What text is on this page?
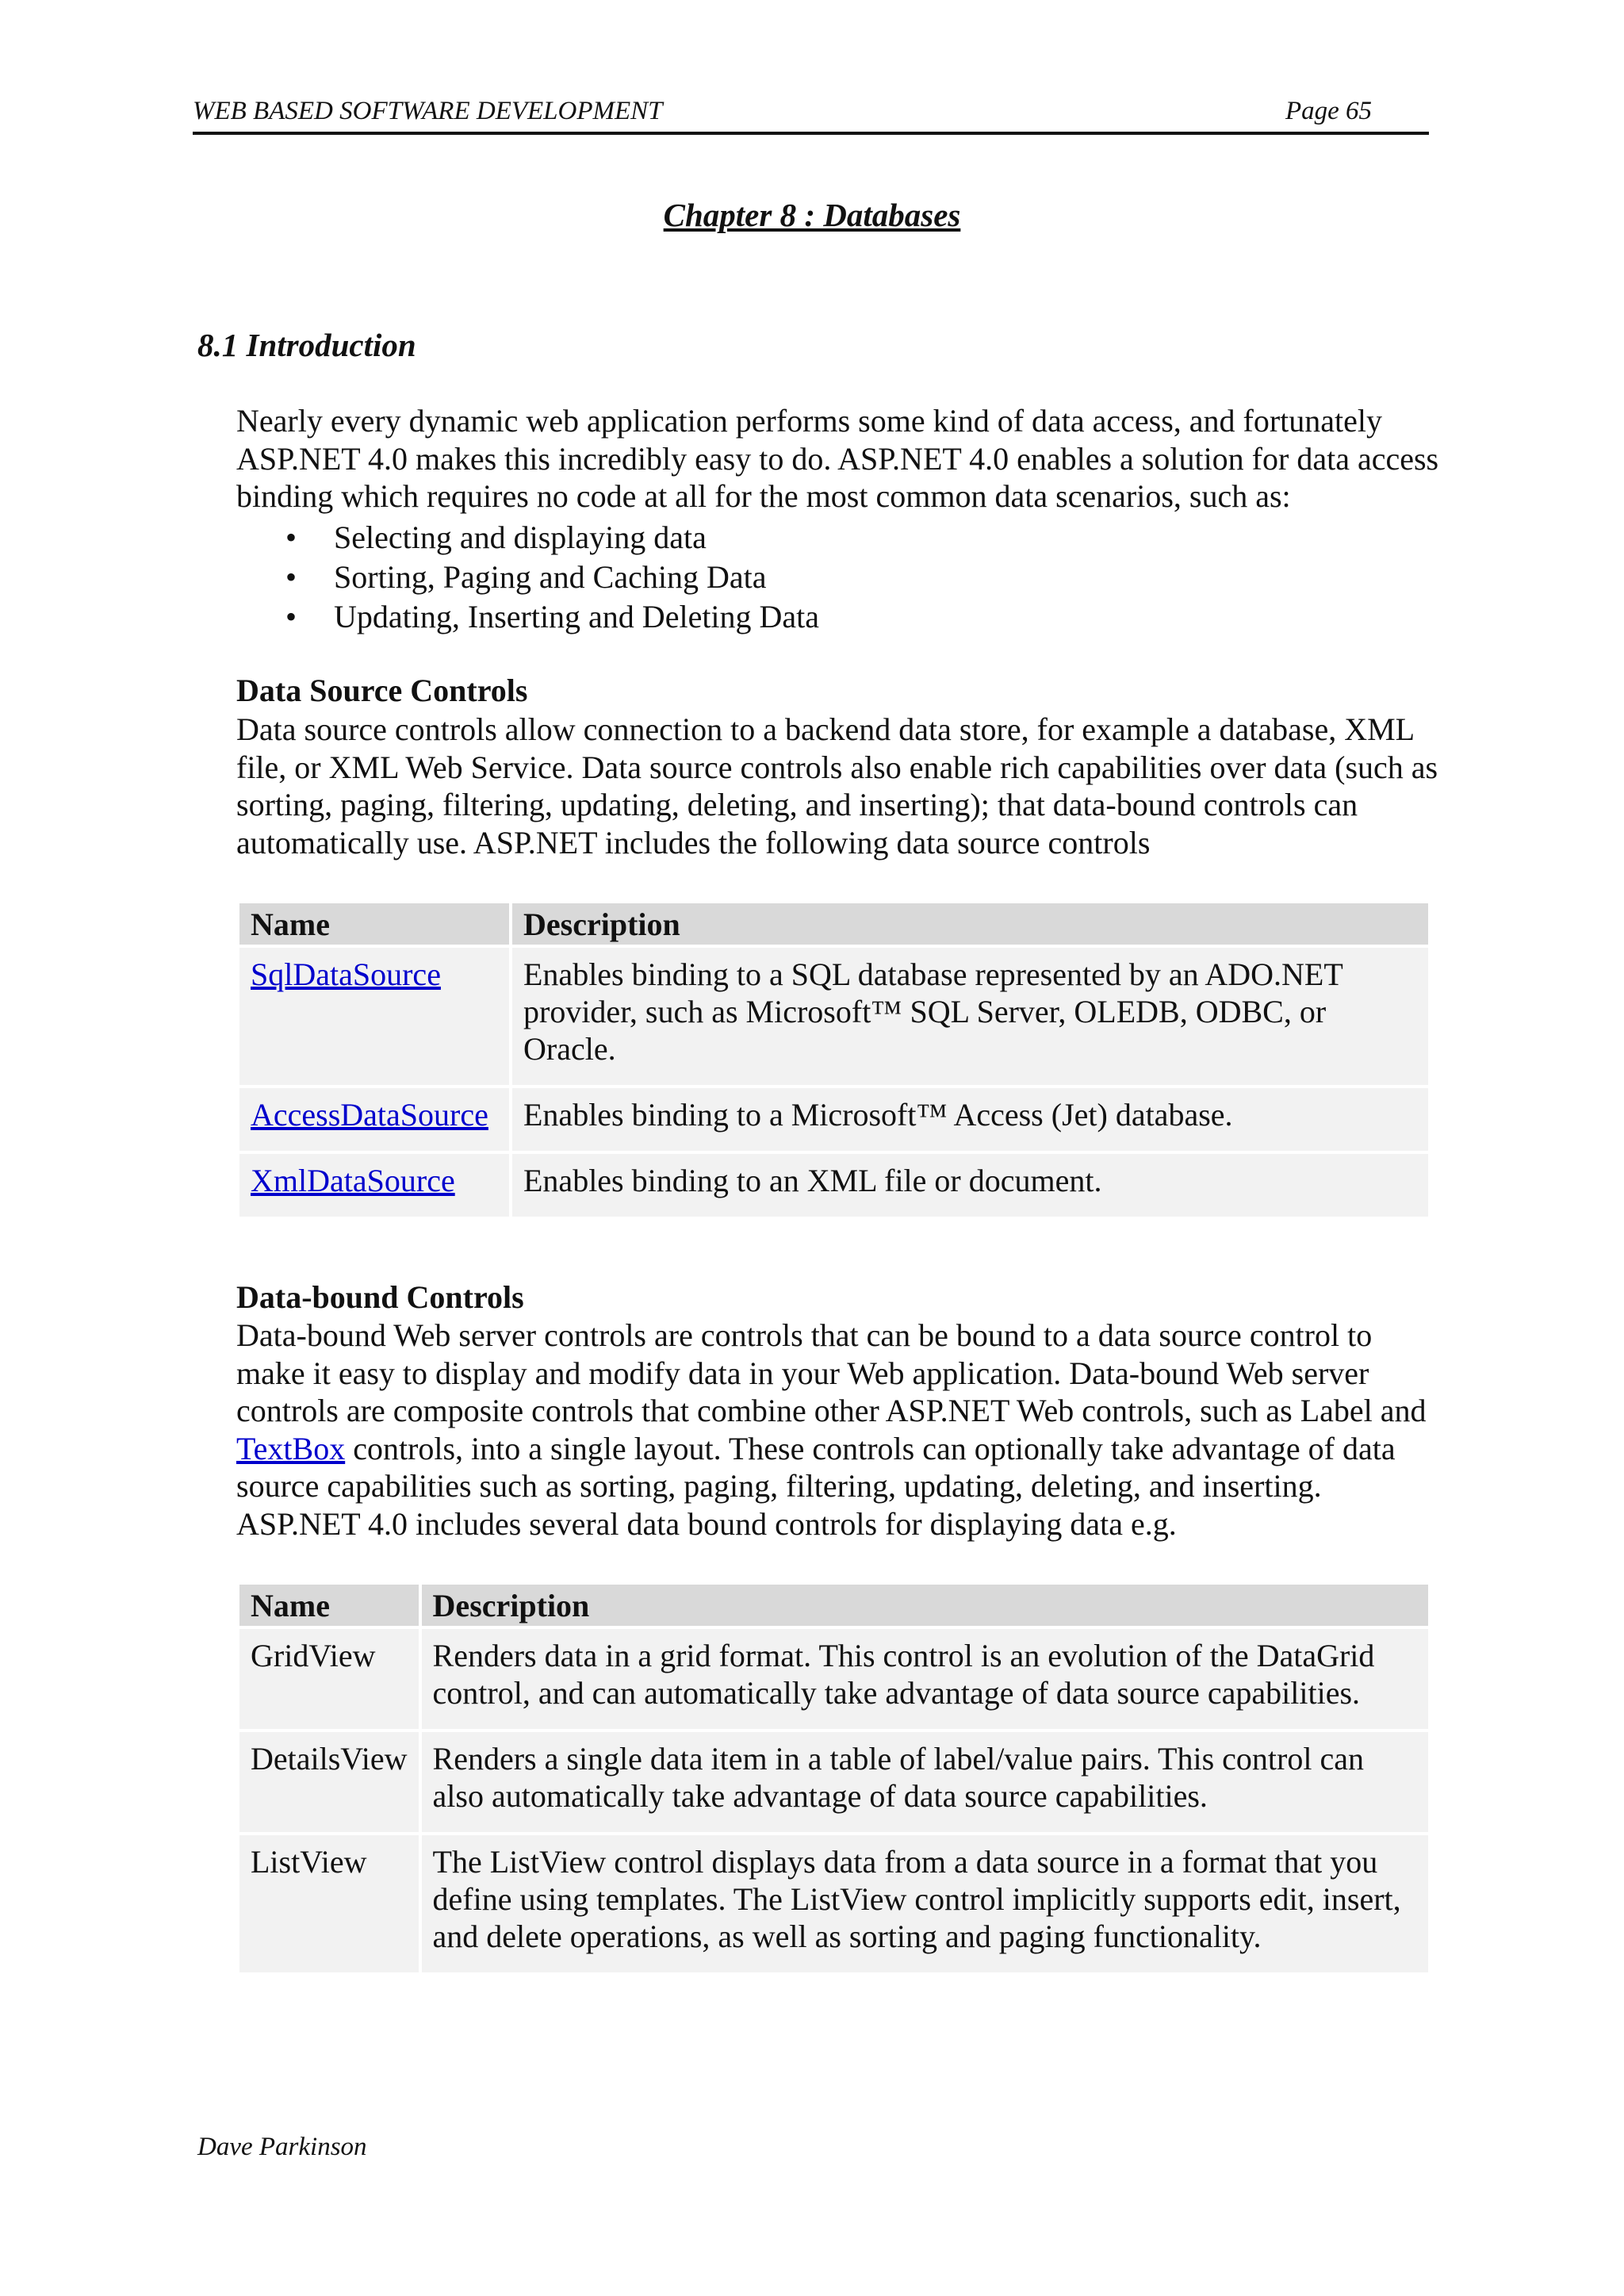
WEB BASED SOFTWARE DEVELOPMENT	Page 65
Chapter 8 : Databases
8.1 Introduction
Nearly every dynamic web application performs some kind of data access, and fortunately ASP.NET 4.0 makes this incredibly easy to do. ASP.NET 4.0 enables a solution for data access binding which requires no code at all for the most common data scenarios, such as:
• Selecting and displaying data
• Sorting, Paging and Caching Data
• Updating, Inserting and Deleting Data
Data Source Controls
Data source controls allow connection to a backend data store, for example a database, XML file, or XML Web Service. Data source controls also enable rich capabilities over data (such as sorting, paging, filtering, updating, deleting, and inserting); that data-bound controls can automatically use. ASP.NET includes the following data source controls
Name	Description
SqlDataSource	Enables binding to a SQL database represented by an ADO.NET provider, such as Microsoft™ SQL Server, OLEDB, ODBC, or Oracle.
AccessDataSource	Enables binding to a Microsoft™ Access (Jet) database.
XmlDataSource	Enables binding to an XML file or document.
Data-bound Controls
Data-bound Web server controls are controls that can be bound to a data source control to make it easy to display and modify data in your Web application. Data-bound Web server controls are composite controls that combine other ASP.NET Web controls, such as Label and TextBox controls, into a single layout. These controls can optionally take advantage of data source capabilities such as sorting, paging, filtering, updating, deleting, and inserting. ASP.NET 4.0 includes several data bound controls for displaying data e.g.
Name	Description
GridView	Renders data in a grid format. This control is an evolution of the DataGrid control, and can automatically take advantage of data source capabilities.
DetailsView	Renders a single data item in a table of label/value pairs. This control can also automatically take advantage of data source capabilities.
ListView	The ListView control displays data from a data source in a format that you define using templates. The ListView control implicitly supports edit, insert, and delete operations, as well as sorting and paging functionality.
Dave Parkinson
